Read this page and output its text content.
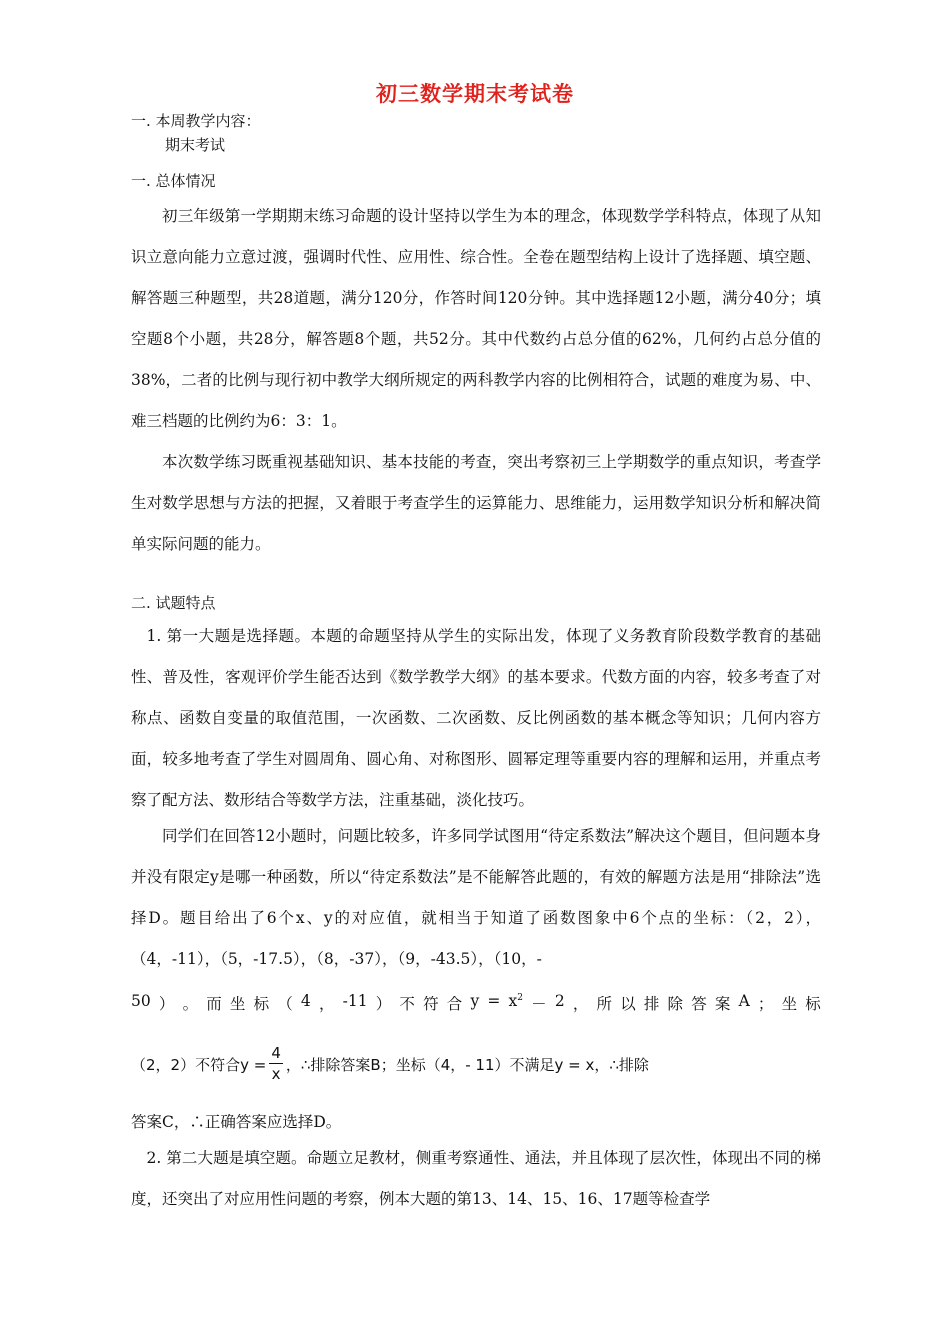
初三数学期末考试卷
一. 本周教学内容：
期末考试
一. 总体情况
初三年级第一学期期末练习命题的设计坚持以学生为本的理念，体现数学学科特点，体现了从知识立意向能力立意过渡，强调时代性、应用性、综合性。全卷在题型结构上设计了选择题、填空题、解答题三种题型，共28道题，满分120分，作答时间120分钟。其中选择题12小题，满分40分；填空题8个小题，共28分，解答题8个题，共52分。其中代数约占总分值的62%，几何约占总分值的38%，二者的比例与现行初中教学大纲所规定的两科教学内容的比例相符合，试题的难度为易、中、难三档题的比例约为6：3：1。
本次数学练习既重视基础知识、基本技能的考查，突出考察初三上学期数学的重点知识，考查学生对数学思想与方法的把握，又着眼于考查学生的运算能力、思维能力，运用数学知识分析和解决简单实际问题的能力。
二. 试题特点
1. 第一大题是选择题。本题的命题坚持从学生的实际出发，体现了义务教育阶段数学教育的基础性、普及性，客观评价学生能否达到《数学教学大纲》的基本要求。代数方面的内容，较多考查了对称点、函数自变量的取值范围，一次函数、二次函数、反比例函数的基本概念等知识；几何内容方面，较多地考查了学生对圆周角、圆心角、对称图形、圆幂定理等重要内容的理解和运用，并重点考察了配方法、数形结合等数学方法，注重基础，淡化技巧。
同学们在回答12小题时，问题比较多，许多同学试图用“待定系数法”解决这个题目，但问题本身并没有限定y是哪一种函数，所以“待定系数法”是不能解答此题的，有效的解题方法是用“排除法”选择D。题目给出了6个x、y的对应值，就相当于知道了函数图象中6个点的坐标：（2，2），（4，-11），（5，-17.5），（8，-37），（9，-43.5），（10，-
50 ） 。 而 坐 标 （ 4 ， -11 ） 不 符 合 $y = x^2 - 2$ ， 所 以 排 除 答 案 A ； 坐 标
（2，2）不符合$y = \frac{4}{x}$ ，∴排除答案B；坐标（4，- 11）不满足y = x，∴排除
答案C，∴正确答案应选择D。
2. 第二大题是填空题。命题立足教材，侧重考察通性、通法，并且体现了层次性，体现出不同的梯度，还突出了对应用性问题的考察，例本大题的第13、14、15、16、17题等检查学
